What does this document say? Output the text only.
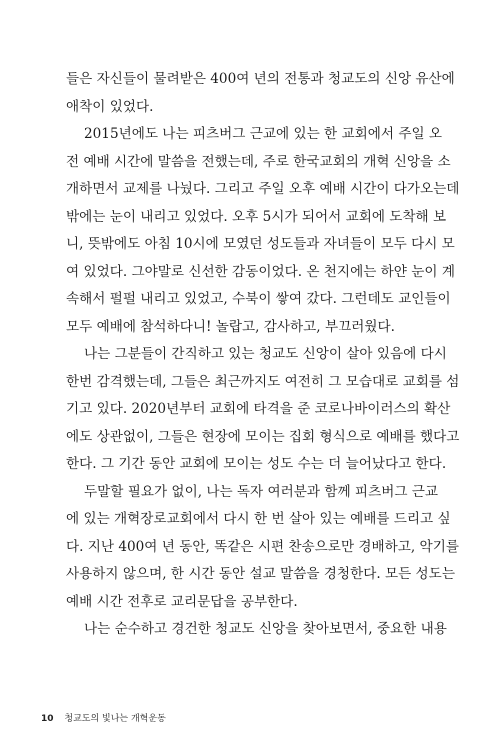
들은 자신들이 물려받은 400여 년의 전통과 청교도의 신앙 유산에
애착이 있었다.
2015년에도 나는 피츠버그 근교에 있는 한 교회에서 주일 오
전 예배 시간에 말씀을 전했는데, 주로 한국교회의 개혁 신앙을 소
개하면서 교제를 나눴다. 그리고 주일 오후 예배 시간이 다가오는데
밖에는 눈이 내리고 있었다. 오후 5시가 되어서 교회에 도착해 보
니, 뜻밖에도 아침 10시에 모였던 성도들과 자녀들이 모두 다시 모
여 있었다. 그야말로 신선한 감동이었다. 온 천지에는 하얀 눈이 계
속해서 펄펄 내리고 있었고, 수북이 쌓여 갔다. 그런데도 교인들이
모두 예배에 참석하다니! 놀랍고, 감사하고, 부끄러웠다.
나는 그분들이 간직하고 있는 청교도 신앙이 살아 있음에 다시
한번 감격했는데, 그들은 최근까지도 여전히 그 모습대로 교회를 섬
기고 있다. 2020년부터 교회에 타격을 준 코로나바이러스의 확산
에도 상관없이, 그들은 현장에 모이는 집회 형식으로 예배를 했다고
한다. 그 기간 동안 교회에 모이는 성도 수는 더 늘어났다고 한다.
두말할 필요가 없이, 나는 독자 여러분과 함께 피츠버그 근교
에 있는 개혁장로교회에서 다시 한 번 살아 있는 예배를 드리고 싶
다. 지난 400여 년 동안, 똑같은 시편 찬송으로만 경배하고, 악기를
사용하지 않으며, 한 시간 동안 설교 말씀을 경청한다. 모든 성도는
예배 시간 전후로 교리문답을 공부한다.
나는 순수하고 경건한 청교도 신앙을 찾아보면서, 중요한 내용
10 청교도의 빛나는 개혁운동
